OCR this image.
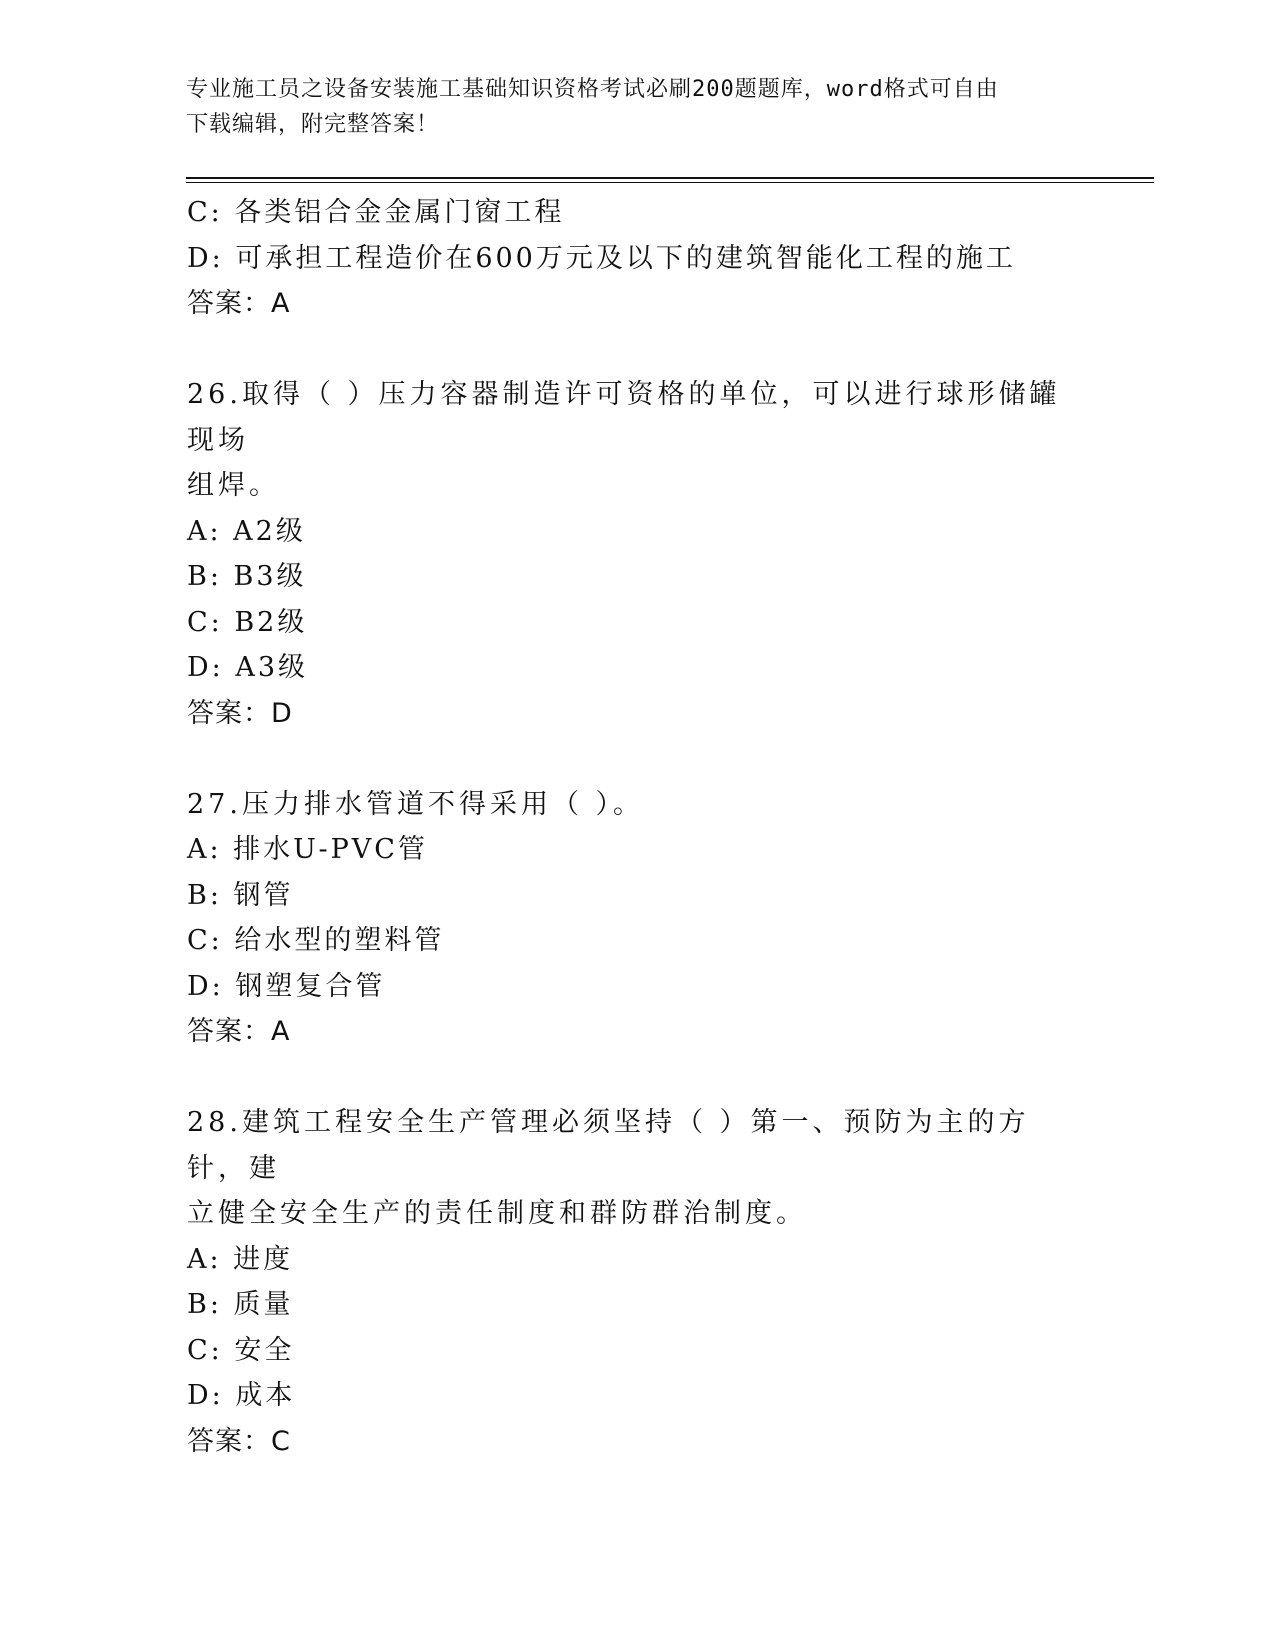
专业施工员之设备安装施工基础知识资格考试必刷200题题库，word格式可自由
下载编辑，附完整答案！
C: 各类铝合金金属门窗工程
D: 可承担工程造价在600万元及以下的建筑智能化工程的施工
答案：A
26.取得（ ）压力容器制造许可资格的单位，可以进行球形储罐现场
组焊。
A: A2级
B: B3级
C: B2级
D: A3级
答案：D
27.压力排水管道不得采用（ ）。
A: 排水U-PVC管
B: 钢管
C: 给水型的塑料管
D: 钢塑复合管
答案：A
28.建筑工程安全生产管理必须坚持（ ）第一、预防为主的方针，建
立健全安全生产的责任制度和群防群治制度。
A: 进度
B: 质量
C: 安全
D: 成本
答案：C
